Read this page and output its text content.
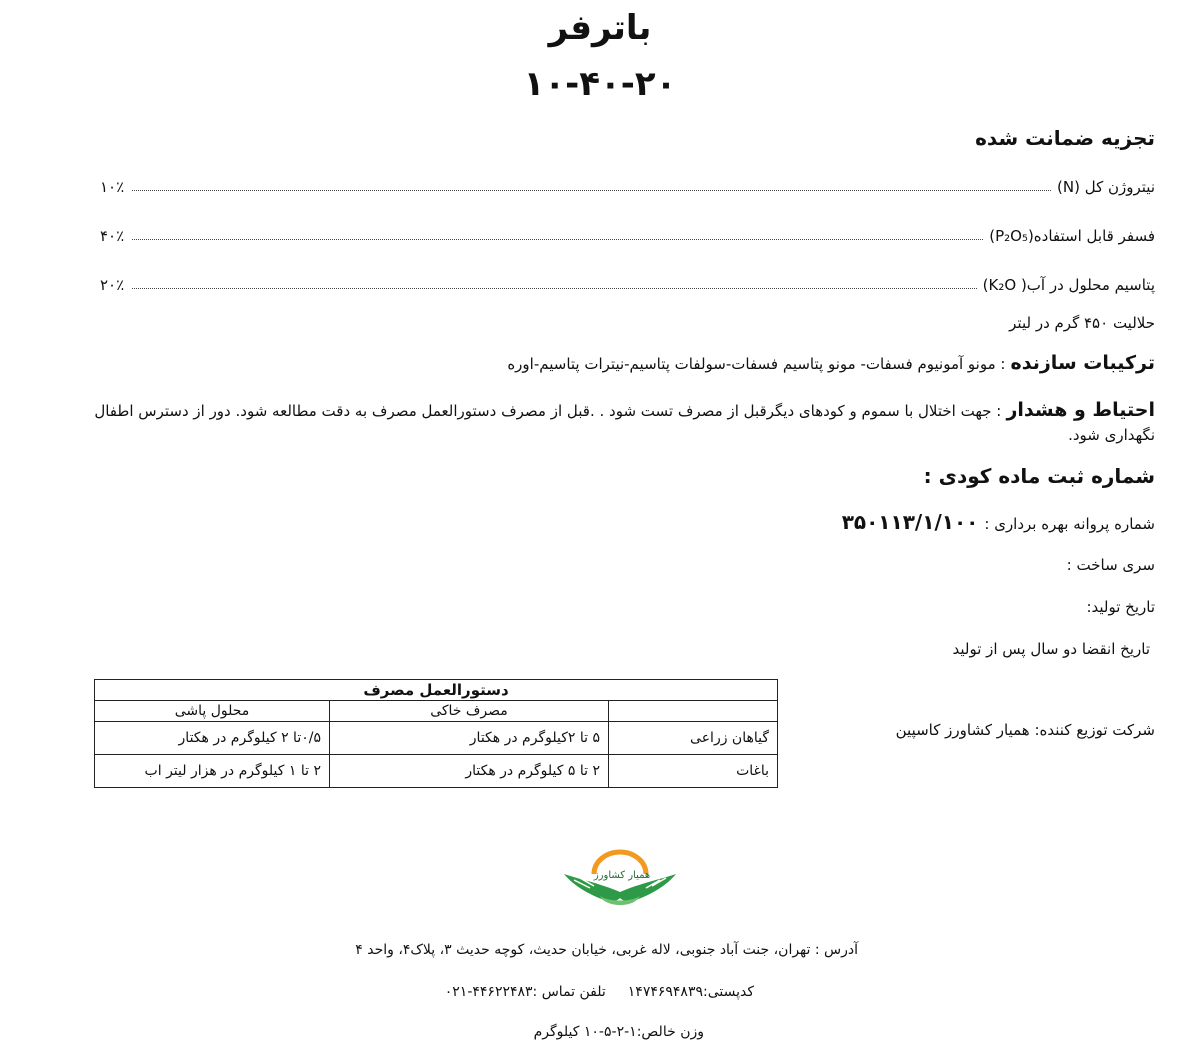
باترفر
۱۰-۴۰-۲۰
تجزیه ضمانت شده
نیتروژن کل (N)
۱۰٪
فسفر قابل استفاده(P₂O₅)
۴۰٪
پتاسیم محلول در آب( K₂O)
۲۰٪
حلالیت ۴۵۰ گرم در لیتر
ترکیبات سازنده : مونو آمونیوم فسفات- مونو پتاسیم فسفات-سولفات پتاسیم-نیترات پتاسیم-اوره
احتیاط و هشدار : جهت اختلال با سموم و کودهای دیگرقبل از مصرف تست شود . .قبل از مصرف دستورالعمل مصرف به دقت مطالعه شود. دور از دسترس اطفال نگهداری شود.
شماره ثبت ماده کودی :
شماره پروانه بهره برداری :
۳۵۰۱۱۳/۱/۱۰۰
سری ساخت :
تاریخ تولید:
تاریخ انقضا دو سال پس از تولید
دستورالعمل مصرف		
	مصرف خاکی	محلول پاشی
گیاهان زراعی	۵ تا ۲کیلوگرم در هکتار	۰/۵تا ۲ کیلوگرم در هکتار
باغات	۲ تا ۵ کیلوگرم در هکتار	۲ تا ۱ کیلوگرم در هزار لیتر اب
شرکت توزیع کننده: همیار کشاورز کاسپین
همیار کشاورز
آدرس : تهران، جنت آباد جنوبی، لاله غربی، خیابان حدیث، کوچه حدیث ۳، پلاک۴، واحد ۴
کدپستی:۱۴۷۴۶۹۴۸۳۹
تلفن تماس :۴۴۶۲۲۴۸۳-۰۲۱
وزن خالص:۱-۲-۵-۱۰ کیلوگرم
